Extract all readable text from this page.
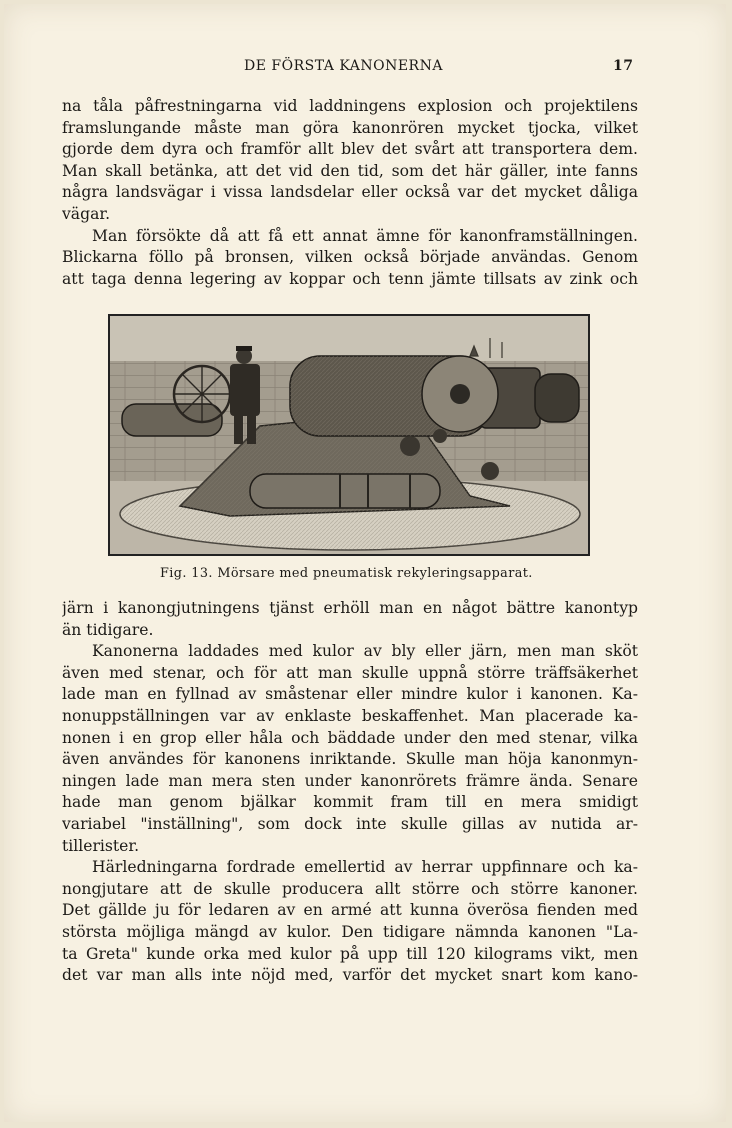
DE FÖRSTA KANONERNA	17
na tåla påfrestningarna vid laddningens explosion och projektilens
framslungande måste man göra kanonrören mycket tjocka, vilket
gjorde dem dyra och framför allt blev det svårt att transportera dem.
Man skall betänka, att det vid den tid, som det här gäller, inte fanns
några landsvägar i vissa landsdelar eller också var det mycket dåliga
vägar.
Man försökte då att få ett annat ämne för kanonframställningen.
Blickarna föllo på bronsen, vilken också började användas. Genom
att taga denna legering av koppar och tenn jämte tillsats av zink och
Fig. 13. Mörsare med pneumatisk rekyleringsapparat.
järn i kanongjutningens tjänst erhöll man en något bättre kanontyp
än tidigare.
Kanonerna laddades med kulor av bly eller järn, men man sköt
även med stenar, och för att man skulle uppnå större träffsäkerhet
lade man en fyllnad av småstenar eller mindre kulor i kanonen. Ka-
nonuppställningen var av enklaste beskaffenhet. Man placerade ka-
nonen i en grop eller håla och bäddade under den med stenar, vilka
även användes för kanonens inriktande. Skulle man höja kanonmyn-
ningen lade man mera sten under kanonrörets främre ända. Senare
hade man genom bjälkar kommit fram till en mera smidigt
variabel "inställning", som dock inte skulle gillas av nutida ar-
tillerister.
Härledningarna fordrade emellertid av herrar uppfinnare och ka-
nongjutare att de skulle producera allt större och större kanoner.
Det gällde ju för ledaren av en armé att kunna överösa fienden med
största möjliga mängd av kulor. Den tidigare nämnda kanonen "La-
ta Greta" kunde orka med kulor på upp till 120 kilograms vikt, men
det var man alls inte nöjd med, varför det mycket snart kom kano-
